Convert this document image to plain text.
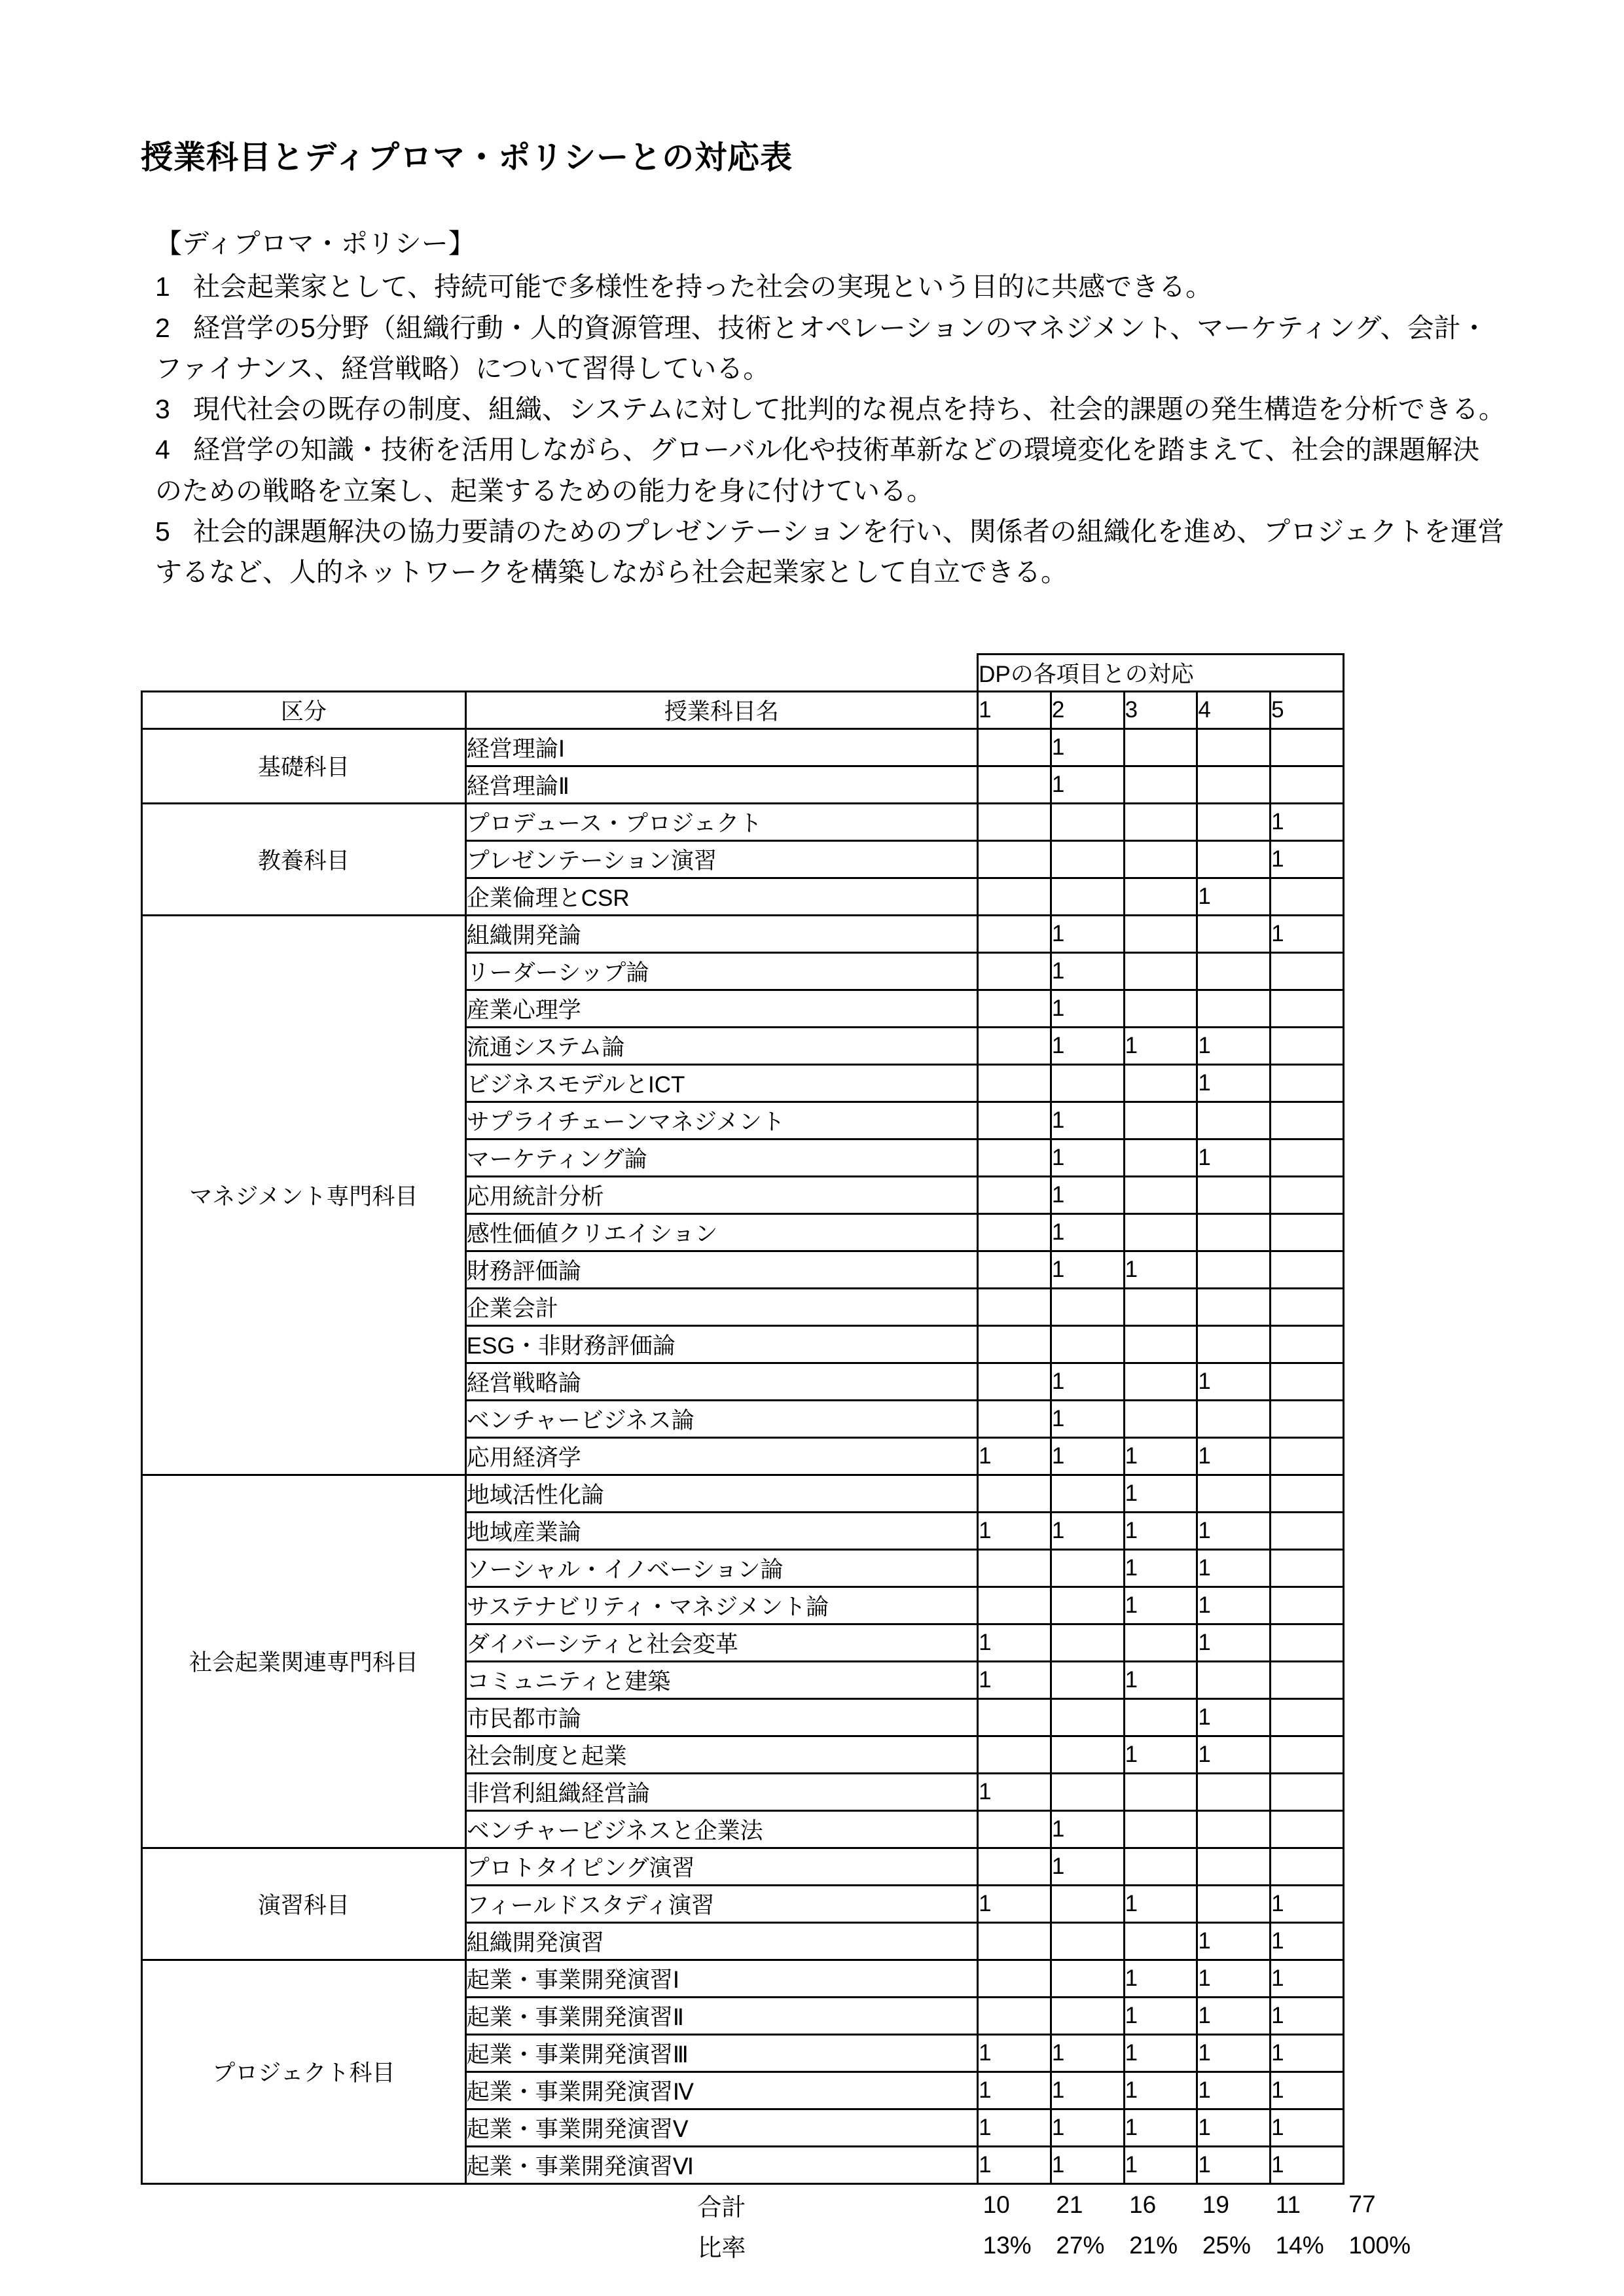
授業科目とディプロマ・ポリシーとの対応表

【ディプロマ・ポリシー】

1 社会起業家として、持続可能で多様性を持った社会の実現という目的に共感できる。

2 経営学の5分野（組織行動・人的資源管理、技術とオペレーションのマネジメント、マーケティング、会計・ファイナンス、経営戦略）について習得している。

3 現代社会の既存の制度、組織、システムに対して批判的な視点を持ち、社会的課題の発生構造を分析できる。

4 経営学の知識・技術を活用しながら、グローバル化や技術革新などの環境変化を踏まえて、社会的課題解決のための戦略を立案し、起業するための能力を身に付けている。

5 社会的課題解決の協力要請のためのプレゼンテーションを行い、関係者の組織化を進め、プロジェクトを運営するなど、人的ネットワークを構築しながら社会起業家として自立できる。

		DPの各項目との対応					
区分	授業科目名	1	2	3	4	5	
基礎科目	経営理論Ⅰ		1				
	経営理論Ⅱ		1				
教養科目	プロデュース・プロジェクト					1	
	プレゼンテーション演習					1	
	企業倫理とCSR				1		
マネジメント専門科目	組織開発論		1			1	
	リーダーシップ論		1				
	産業心理学		1				
	流通システム論		1	1	1		
	ビジネスモデルとICT				1		
	サプライチェーンマネジメント		1				
	マーケティング論		1		1		
	応用統計分析		1				
	感性価値クリエイション		1				
	財務評価論		1	1			
	企業会計						
	ESG・非財務評価論						
	経営戦略論		1		1		
	ベンチャービジネス論		1				
	応用経済学	1	1	1	1		
社会起業関連専門科目	地域活性化論			1			
	地域産業論	1	1	1	1		
	ソーシャル・イノベーション論			1	1		
	サステナビリティ・マネジメント論			1	1		
	ダイバーシティと社会変革	1			1		
	コミュニティと建築	1		1			
	市民都市論				1		
	社会制度と起業			1	1		
	非営利組織経営論	1					
	ベンチャービジネスと企業法		1				
演習科目	プロトタイピング演習		1				
	フィールドスタディ演習	1		1		1	
	組織開発演習				1	1	
プロジェクト科目	起業・事業開発演習Ⅰ			1	1	1	
	起業・事業開発演習Ⅱ			1	1	1	
	起業・事業開発演習Ⅲ	1	1	1	1	1	
	起業・事業開発演習Ⅳ	1	1	1	1	1	
	起業・事業開発演習Ⅴ	1	1	1	1	1	
	起業・事業開発演習Ⅵ	1	1	1	1	1	
	合計	10	21	16	19	11	77
	比率	13%	27%	21%	25%	14%	100%
